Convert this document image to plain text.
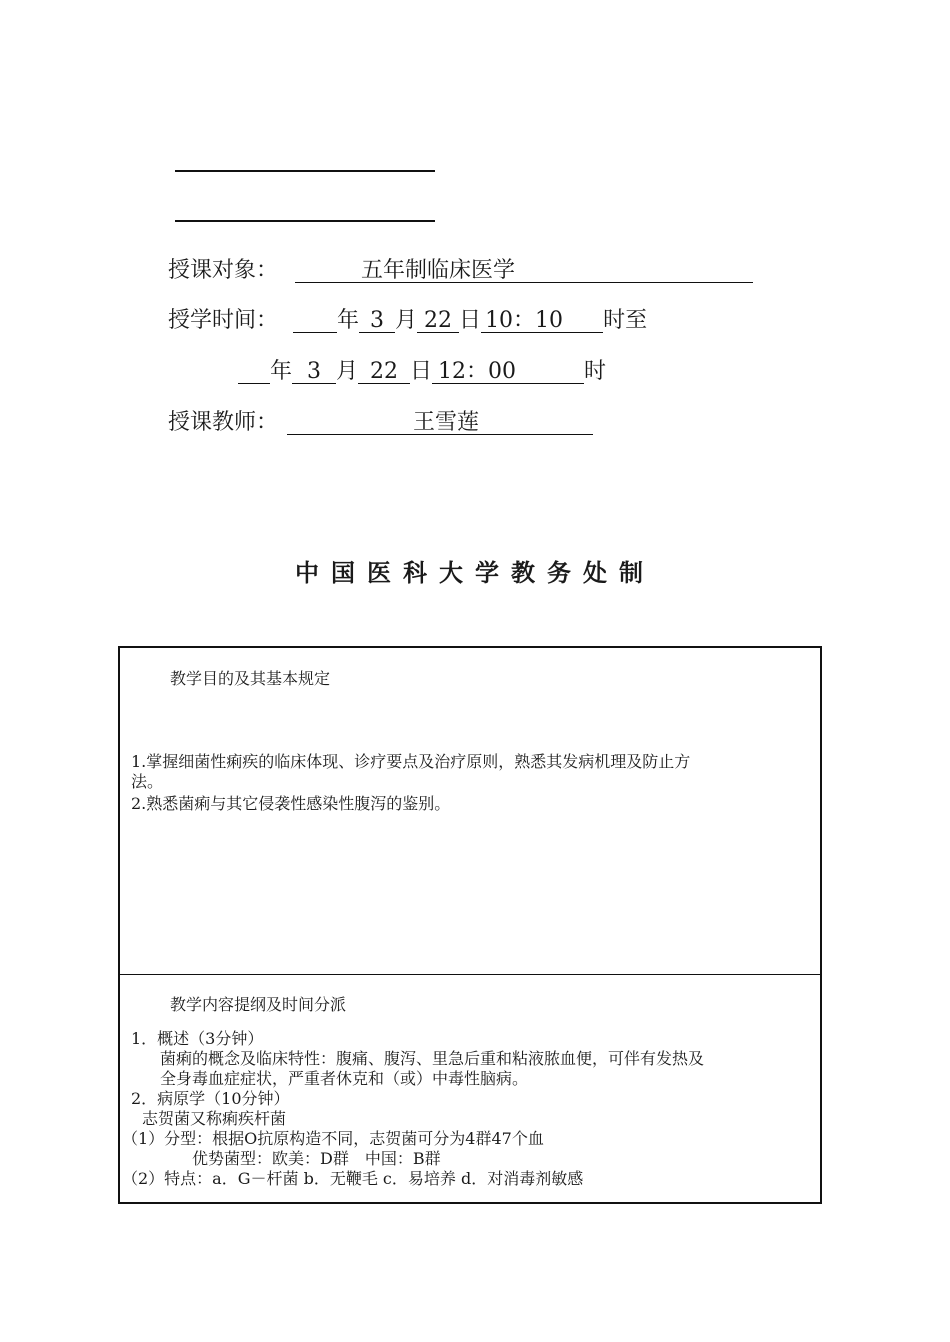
授课对象：	五年制临床医学
授学时间：	年 3 月 22 日 10：10 时至
年 3 月 22 日 12：00	时
授课教师：	王雪莲
中国医科大学教务处制
教学目的及其基本规定
1.掌握细菌性痢疾的临床体现、诊疗要点及治疗原则，熟悉其发病机理及防止方
法。
2.熟悉菌痢与其它侵袭性感染性腹泻的鉴别。
教学内容提纲及时间分派
1．概述（3分钟）
菌痢的概念及临床特性：腹痛、腹泻、里急后重和粘液脓血便，可伴有发热及
全身毒血症症状，严重者休克和（或）中毒性脑病。
2．病原学（10分钟）
志贺菌又称痢疾杆菌
（1）分型：根据O抗原构造不同，志贺菌可分为4群47个血
优势菌型：欧美：D群　中国：B群
（2）特点：a．G－杆菌 b．无鞭毛 c．易培养 d．对消毒剂敏感
